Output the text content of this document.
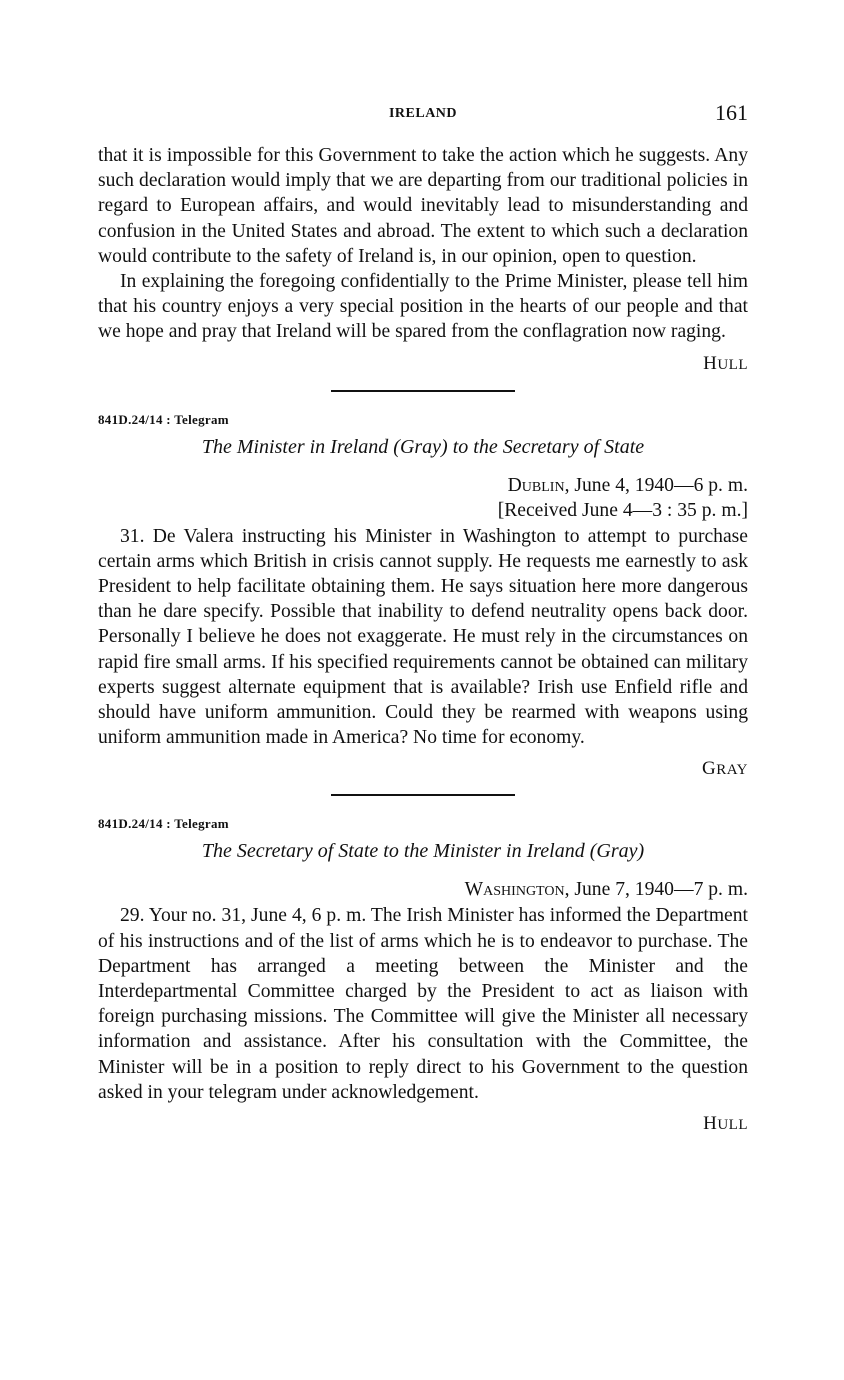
IRELAND	161

that it is impossible for this Government to take the action which he suggests. Any such declaration would imply that we are departing from our traditional policies in regard to European affairs, and would inevitably lead to misunderstanding and confusion in the United States and abroad. The extent to which such a declaration would contribute to the safety of Ireland is, in our opinion, open to question.

In explaining the foregoing confidentially to the Prime Minister, please tell him that his country enjoys a very special position in the hearts of our people and that we hope and pray that Ireland will be spared from the conflagration now raging.

HULL
841D.24/14 : Telegram
The Minister in Ireland (Gray) to the Secretary of State
Dublin, June 4, 1940—6 p. m.
[Received June 4—3 : 35 p. m.]

31. De Valera instructing his Minister in Washington to attempt to purchase certain arms which British in crisis cannot supply. He requests me earnestly to ask President to help facilitate obtaining them. He says situation here more dangerous than he dare specify. Possible that inability to defend neutrality opens back door. Personally I believe he does not exaggerate. He must rely in the circumstances on rapid fire small arms. If his specified requirements cannot be obtained can military experts suggest alternate equipment that is available? Irish use Enfield rifle and should have uniform ammunition. Could they be rearmed with weapons using uniform ammunition made in America? No time for economy.

GRAY
841D.24/14 : Telegram
The Secretary of State to the Minister in Ireland (Gray)
Washington, June 7, 1940—7 p. m.

29. Your no. 31, June 4, 6 p. m. The Irish Minister has informed the Department of his instructions and of the list of arms which he is to endeavor to purchase. The Department has arranged a meeting between the Minister and the Interdepartmental Committee charged by the President to act as liaison with foreign purchasing missions. The Committee will give the Minister all necessary information and assistance. After his consultation with the Committee, the Minister will be in a position to reply direct to his Government to the question asked in your telegram under acknowledgement.

HULL
